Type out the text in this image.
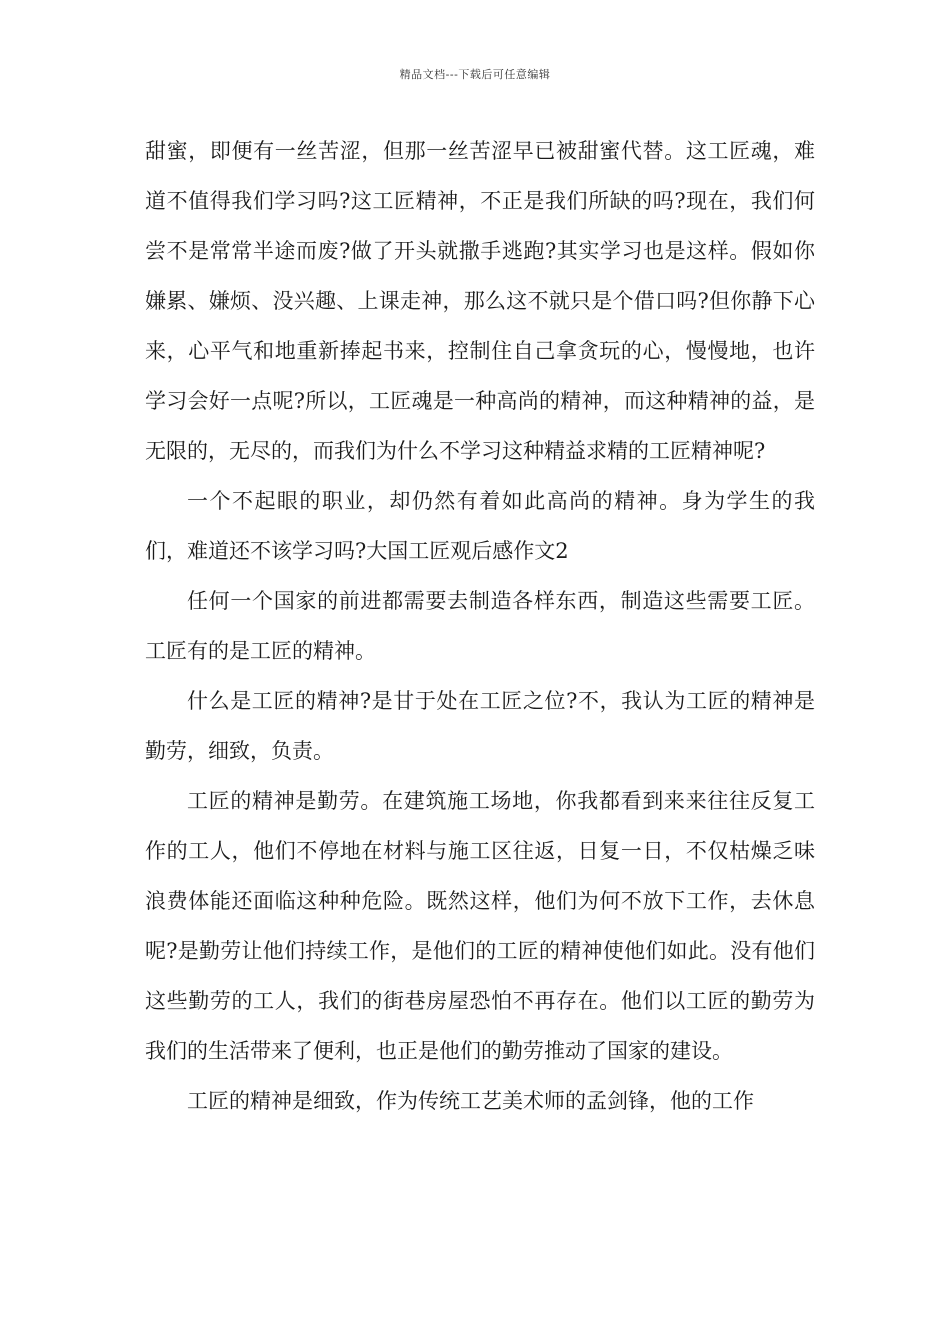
精品文档---下载后可任意编辑

甜蜜，即便有一丝苦涩，但那一丝苦涩早已被甜蜜代替。这工匠魂，难道不值得我们学习吗?这工匠精神，不正是我们所缺的吗?现在，我们何尝不是常常半途而废?做了开头就撒手逃跑?其实学习也是这样。假如你嫌累、嫌烦、没兴趣、上课走神，那么这不就只是个借口吗?但你静下心来，心平气和地重新捧起书来，控制住自己拿贪玩的心，慢慢地，也许学习会好一点呢?所以，工匠魂是一种高尚的精神，而这种精神的益，是无限的，无尽的，而我们为什么不学习这种精益求精的工匠精神呢?

一个不起眼的职业，却仍然有着如此高尚的精神。身为学生的我们，难道还不该学习吗?大国工匠观后感作文2

任何一个国家的前进都需要去制造各样东西，制造这些需要工匠。工匠有的是工匠的精神。

什么是工匠的精神?是甘于处在工匠之位?不，我认为工匠的精神是勤劳，细致，负责。

工匠的精神是勤劳。在建筑施工场地，你我都看到来来往往反复工作的工人，他们不停地在材料与施工区往返，日复一日，不仅枯燥乏味浪费体能还面临这种种危险。既然这样，他们为何不放下工作，去休息呢?是勤劳让他们持续工作，是他们的工匠的精神使他们如此。没有他们这些勤劳的工人，我们的街巷房屋恐怕不再存在。他们以工匠的勤劳为我们的生活带来了便利，也正是他们的勤劳推动了国家的建设。

工匠的精神是细致，作为传统工艺美术师的孟剑锋，他的工作
